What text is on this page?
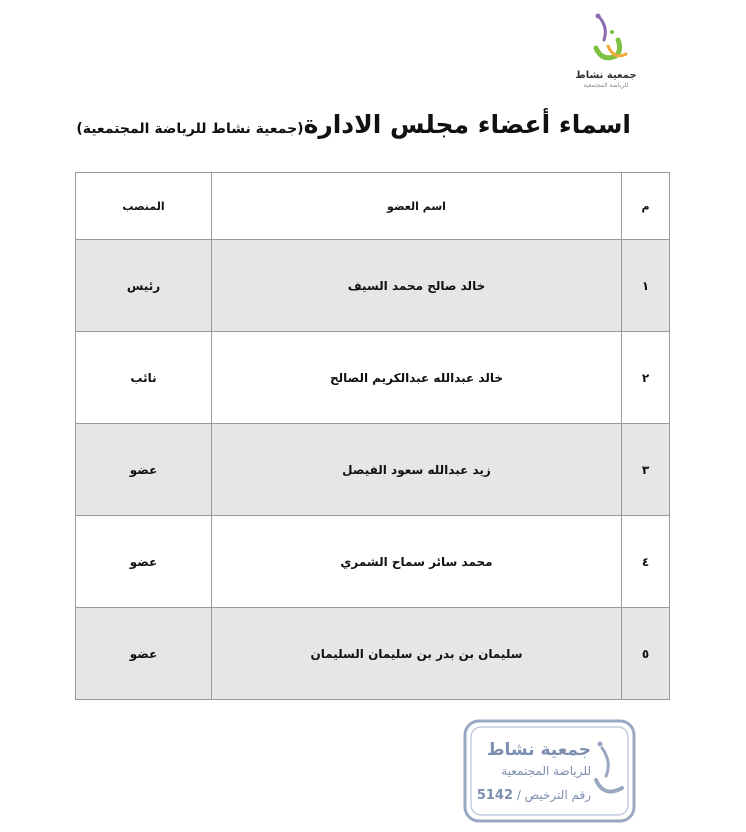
جمعية نشاط
للرياضة المجتمعية
اسماء أعضاء مجلس الادارة(جمعية نشاط للرياضة المجتمعية)
م	اسم العضو	المنصب
١	خالد صالح محمد السيف	رئيس
٢	خالد عبدالله عبدالكريم الصالح	نائب
٣	زيد عبدالله سعود الفيصل	عضو
٤	محمد سائر سماح الشمري	عضو
٥	سليمان بن بدر بن سليمان السليمان	عضو
جمعية نشاط
للرياضة المجتمعية
رقم الترخيص / 5142
